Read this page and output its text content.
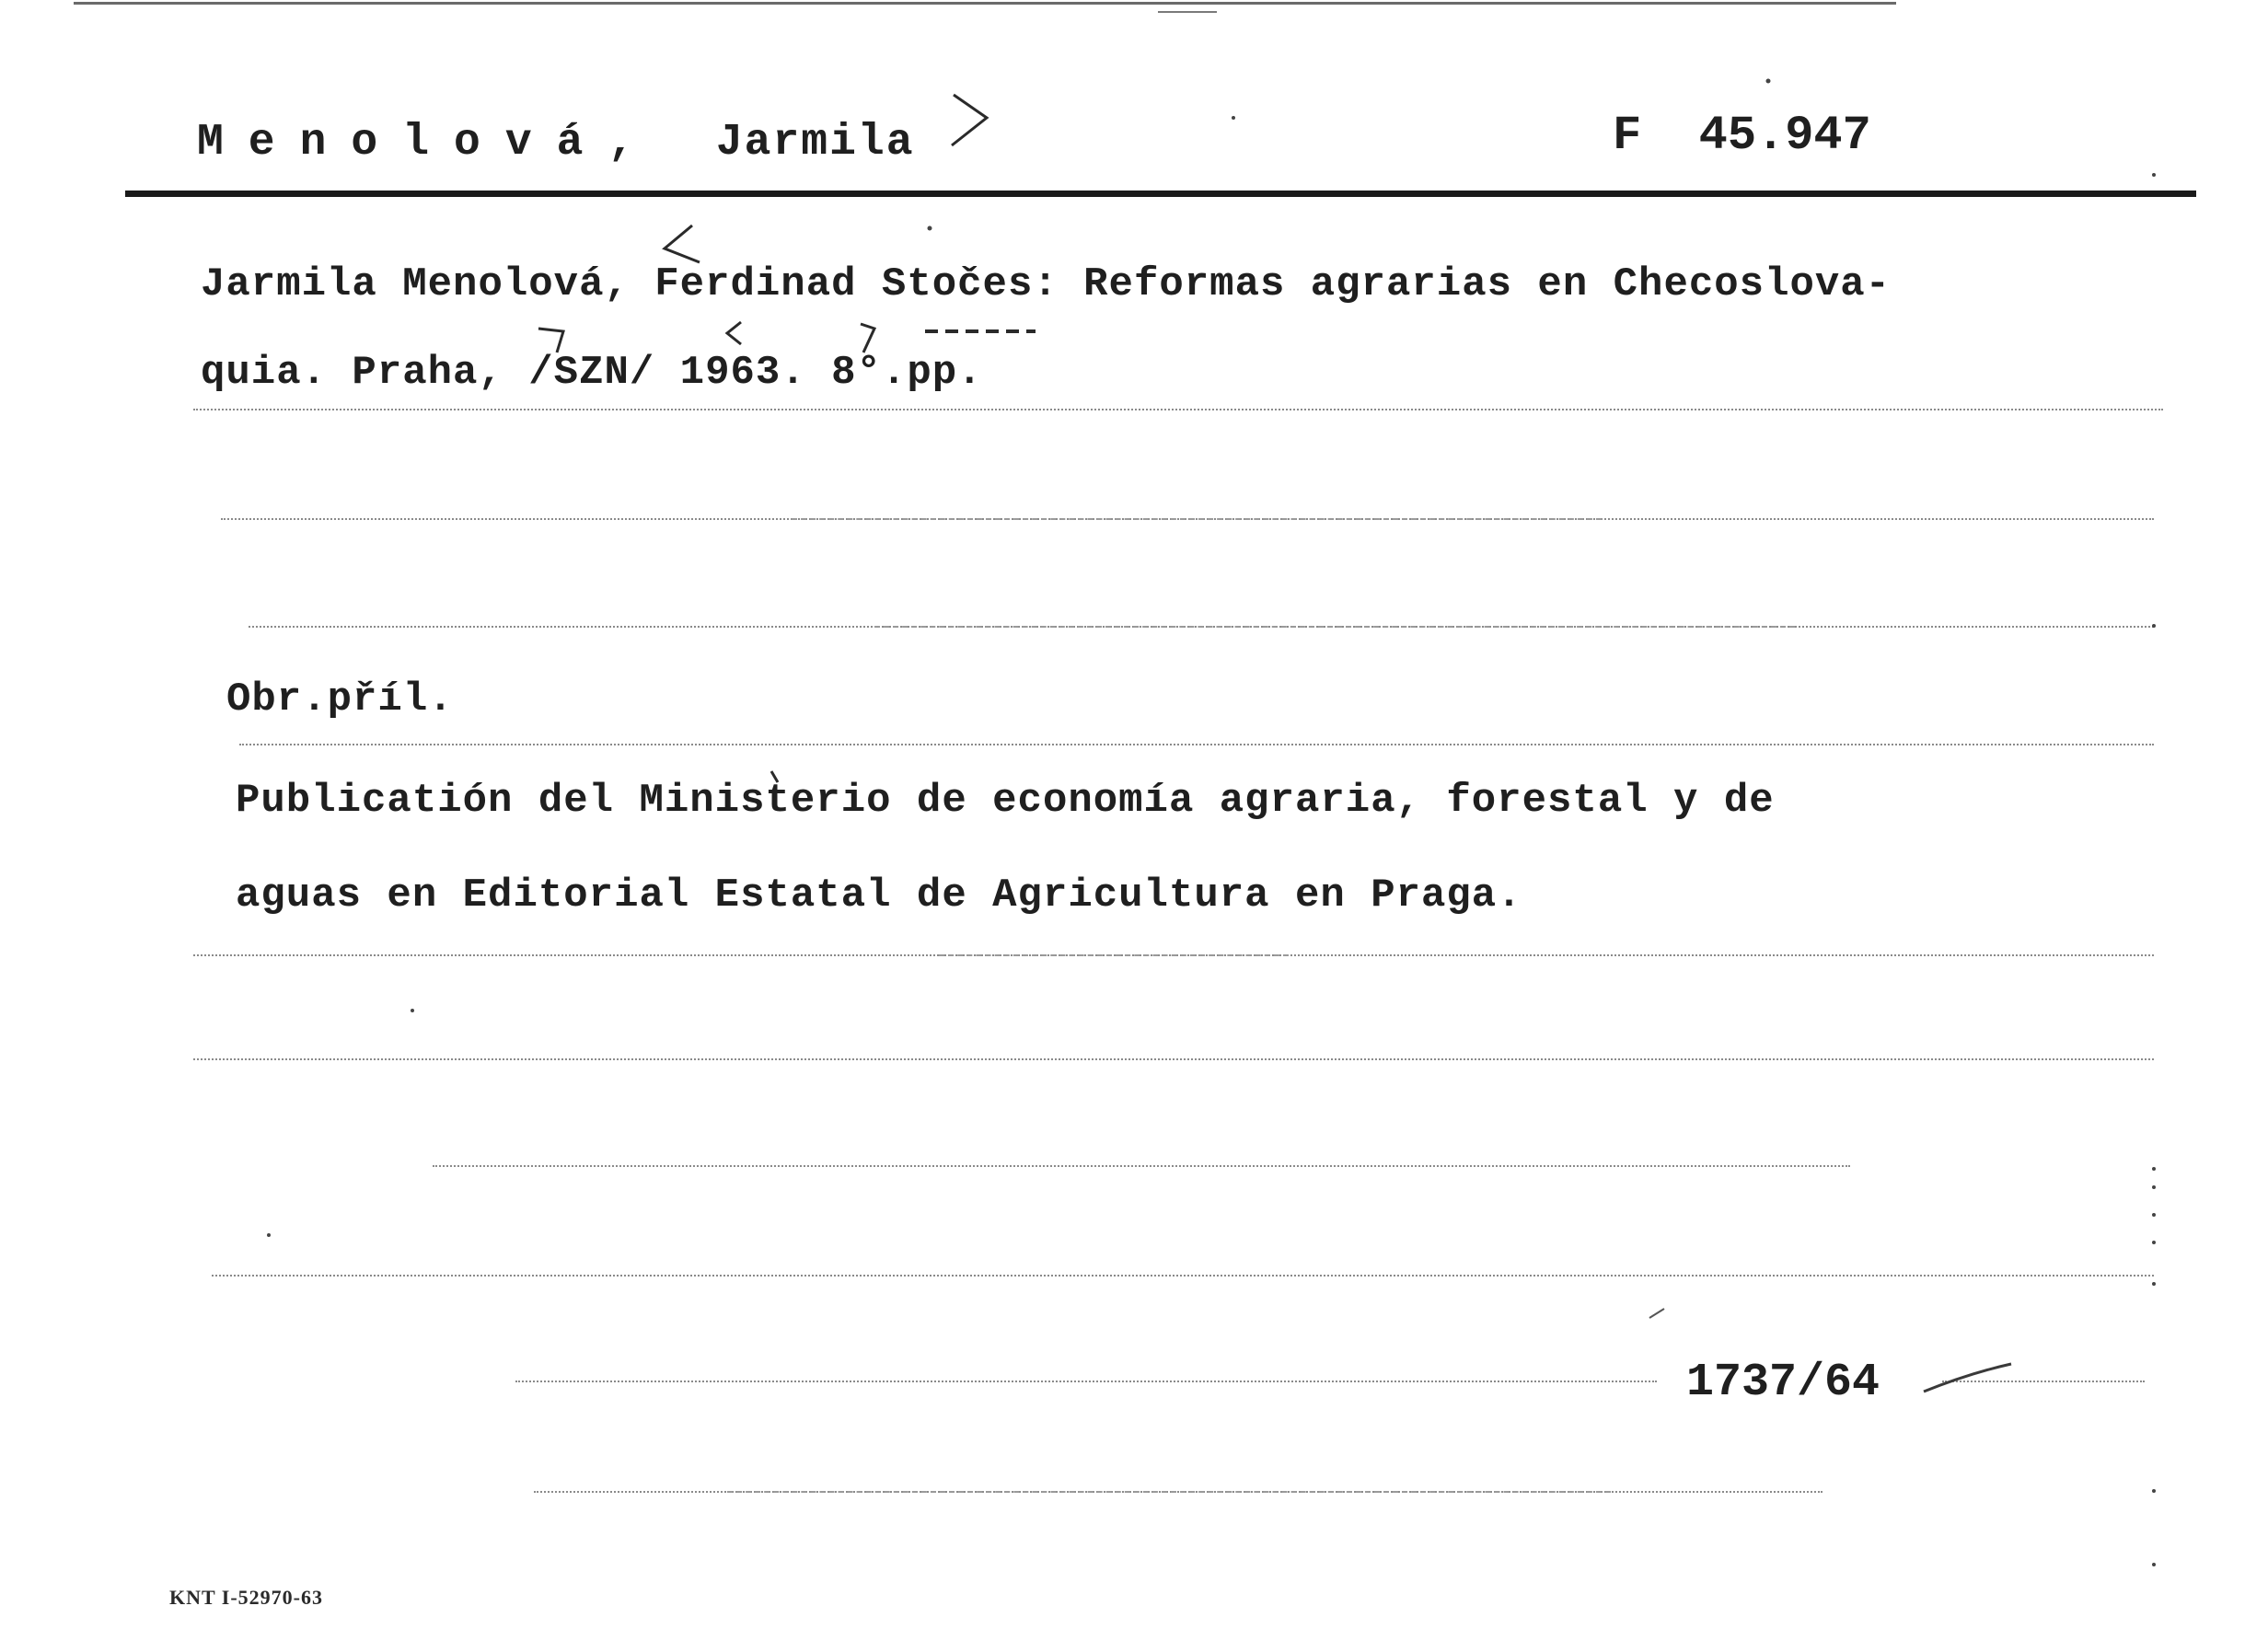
Menolová, Jarmila	F  45.947
Jarmila Menolová, Ferdinad Stočes: Reformas agrarias en Checoslova-
quia. Praha, /SZN/ 1963. 8°.pp.
Obr.příl.
Publicatión del Ministerio de economía agraria, forestal y de
aguas en Editorial Estatal de Agricultura en Praga.
1737/64
KNT I-52970-63
